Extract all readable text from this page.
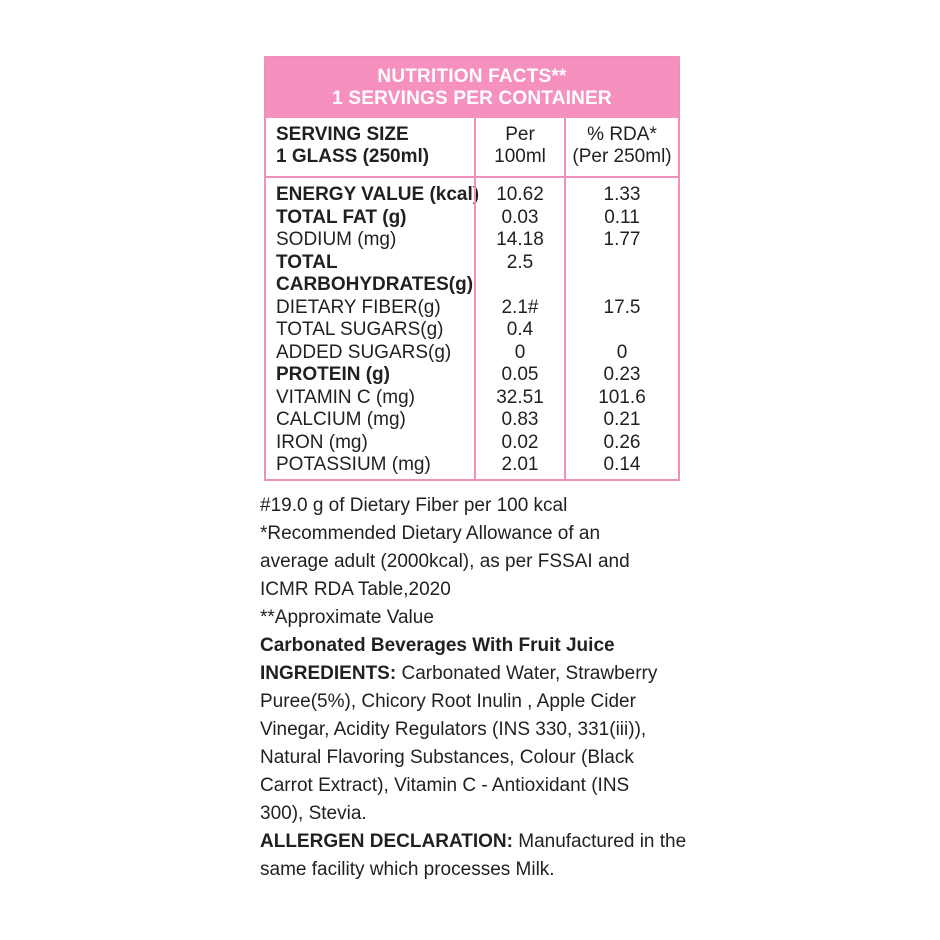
NUTRITION FACTS**
1 SERVINGS PER CONTAINER
SERVING SIZE
1 GLASS (250ml)
Per
100ml
% RDA*
(Per 250ml)
ENERGY VALUE (kcal)
TOTAL FAT (g)
SODIUM (mg)
TOTAL
CARBOHYDRATES(g)
DIETARY FIBER(g)
TOTAL SUGARS(g)
ADDED SUGARS(g)
PROTEIN (g)
VITAMIN C (mg)
CALCIUM (mg)
IRON (mg)
POTASSIUM (mg)
10.62
0.03
14.18
2.5
2.1#
0.4
0
0.05
32.51
0.83
0.02
2.01
1.33
0.11
1.77
17.5
0
0.23
101.6
0.21
0.26
0.14
#19.0 g of Dietary Fiber per 100 kcal
*Recommended Dietary Allowance of an
average adult (2000kcal), as per FSSAI and
ICMR RDA Table,2020
**Approximate Value
Carbonated Beverages With Fruit Juice
INGREDIENTS: Carbonated Water, Strawberry
Puree(5%), Chicory Root Inulin , Apple Cider
Vinegar, Acidity Regulators (INS 330, 331(iii)),
Natural Flavoring Substances, Colour (Black
Carrot Extract), Vitamin C - Antioxidant (INS
300), Stevia.
ALLERGEN DECLARATION: Manufactured in the
same facility which processes Milk.
